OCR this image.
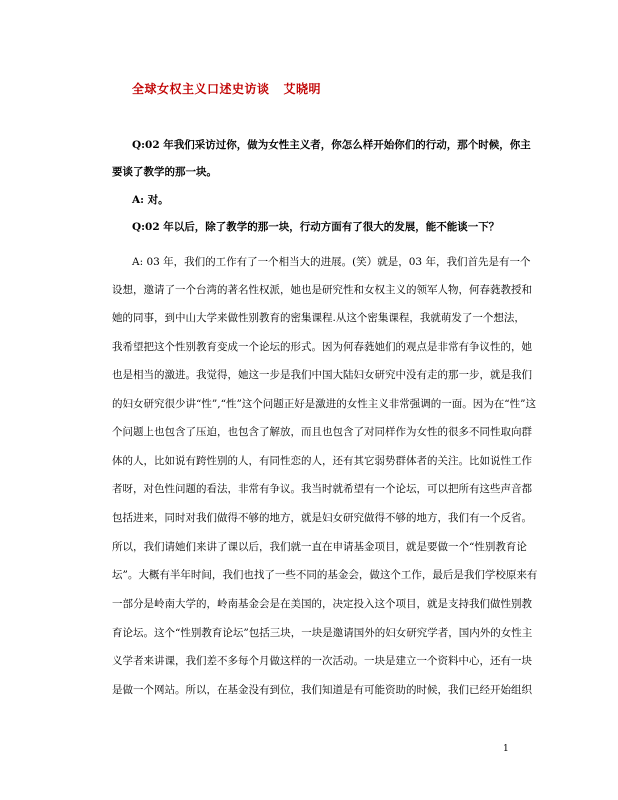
全球女权主义口述史访谈 艾晓明
Q:02 年我们采访过你，做为女性主义者，你怎么样开始你们的行动，那个时候，你主
要谈了教学的那一块。
A: 对。
Q:02 年以后，除了教学的那一块，行动方面有了很大的发展，能不能谈一下？
A: 03 年，我们的工作有了一个相当大的进展。(笑）就是，03 年，我们首先是有一个
设想，邀请了一个台湾的著名性权派，她也是研究性和女权主义的领军人物，何春蕤教授和
她的同事，到中山大学来做性别教育的密集课程.从这个密集课程，我就萌发了一个想法，
我希望把这个性别教育变成一个论坛的形式。因为何春蕤她们的观点是非常有争议性的，她
也是相当的激进。我觉得，她这一步是我们中国大陆妇女研究中没有走的那一步，就是我们
的妇女研究很少讲“性”,“性”这个问题正好是激进的女性主义非常强调的一面。因为在“性”这
个问题上也包含了压迫，也包含了解放，而且也包含了对同样作为女性的很多不同性取向群
体的人，比如说有跨性别的人，有同性恋的人，还有其它弱势群体者的关注。比如说性工作
者呀，对色性问题的看法，非常有争议。我当时就希望有一个论坛，可以把所有这些声音都
包括进来，同时对我们做得不够的地方，就是妇女研究做得不够的地方，我们有一个反省。
所以，我们请她们来讲了课以后，我们就一直在申请基金项目，就是要做一个“性别教育论
坛”。大概有半年时间，我们也找了一些不同的基金会，做这个工作，最后是我们学校原来有
一部分是岭南大学的，岭南基金会是在美国的，决定投入这个项目，就是支持我们做性别教
育论坛。这个“性别教育论坛”包括三块，一块是邀请国外的妇女研究学者，国内外的女性主
义学者来讲课，我们差不多每个月做这样的一次活动。一块是建立一个资料中心，还有一块
是做一个网站。所以，在基金没有到位，我们知道是有可能资助的时候，我们已经开始组织
1
